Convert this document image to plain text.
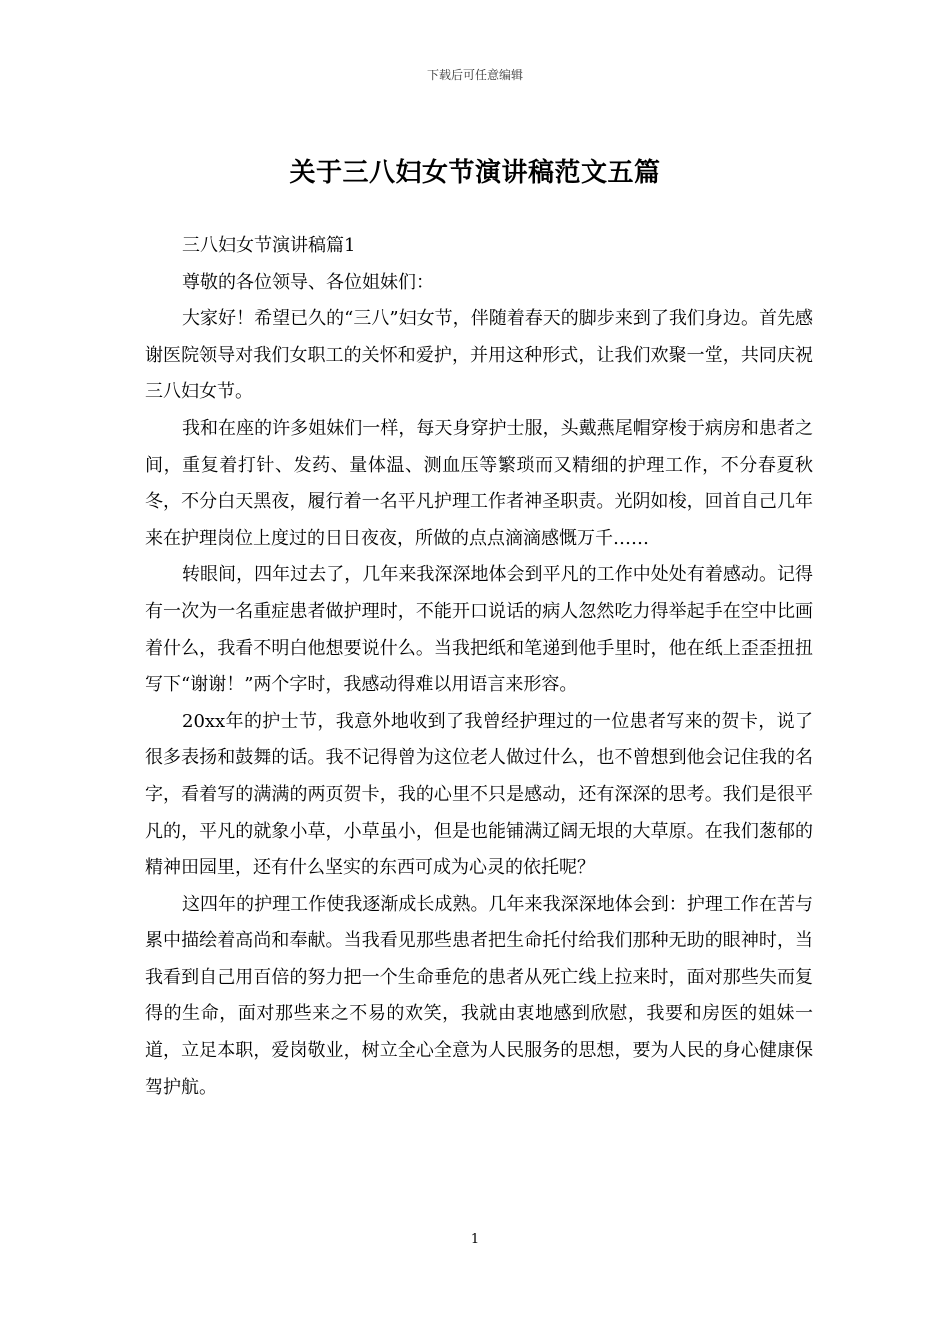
下载后可任意编辑
关于三八妇女节演讲稿范文五篇

三八妇女节演讲稿篇1

尊敬的各位领导、各位姐妹们：

大家好！希望已久的“三八”妇女节，伴随着春天的脚步来到了我们身边。首先感谢医院领导对我们女职工的关怀和爱护，并用这种形式，让我们欢聚一堂，共同庆祝三八妇女节。

我和在座的许多姐妹们一样，每天身穿护士服，头戴燕尾帽穿梭于病房和患者之间，重复着打针、发药、量体温、测血压等繁琐而又精细的护理工作，不分春夏秋冬，不分白天黑夜，履行着一名平凡护理工作者神圣职责。光阴如梭，回首自己几年来在护理岗位上度过的日日夜夜，所做的点点滴滴感慨万千……

转眼间，四年过去了，几年来我深深地体会到平凡的工作中处处有着感动。记得有一次为一名重症患者做护理时，不能开口说话的病人忽然吃力得举起手在空中比画着什么，我看不明白他想要说什么。当我把纸和笔递到他手里时，他在纸上歪歪扭扭写下“谢谢！”两个字时，我感动得难以用语言来形容。

20xx年的护士节，我意外地收到了我曾经护理过的一位患者写来的贺卡，说了很多表扬和鼓舞的话。我不记得曾为这位老人做过什么，也不曾想到他会记住我的名字，看着写的满满的两页贺卡，我的心里不只是感动，还有深深的思考。我们是很平凡的，平凡的就象小草，小草虽小，但是也能铺满辽阔无垠的大草原。在我们葱郁的精神田园里，还有什么坚实的东西可成为心灵的依托呢？

这四年的护理工作使我逐渐成长成熟。几年来我深深地体会到：护理工作在苦与累中描绘着高尚和奉献。当我看见那些患者把生命托付给我们那种无助的眼神时，当我看到自己用百倍的努力把一个生命垂危的患者从死亡线上拉来时，面对那些失而复得的生命，面对那些来之不易的欢笑，我就由衷地感到欣慰，我要和房医的姐妹一道，立足本职，爱岗敬业，树立全心全意为人民服务的思想，要为人民的身心健康保驾护航。

1
